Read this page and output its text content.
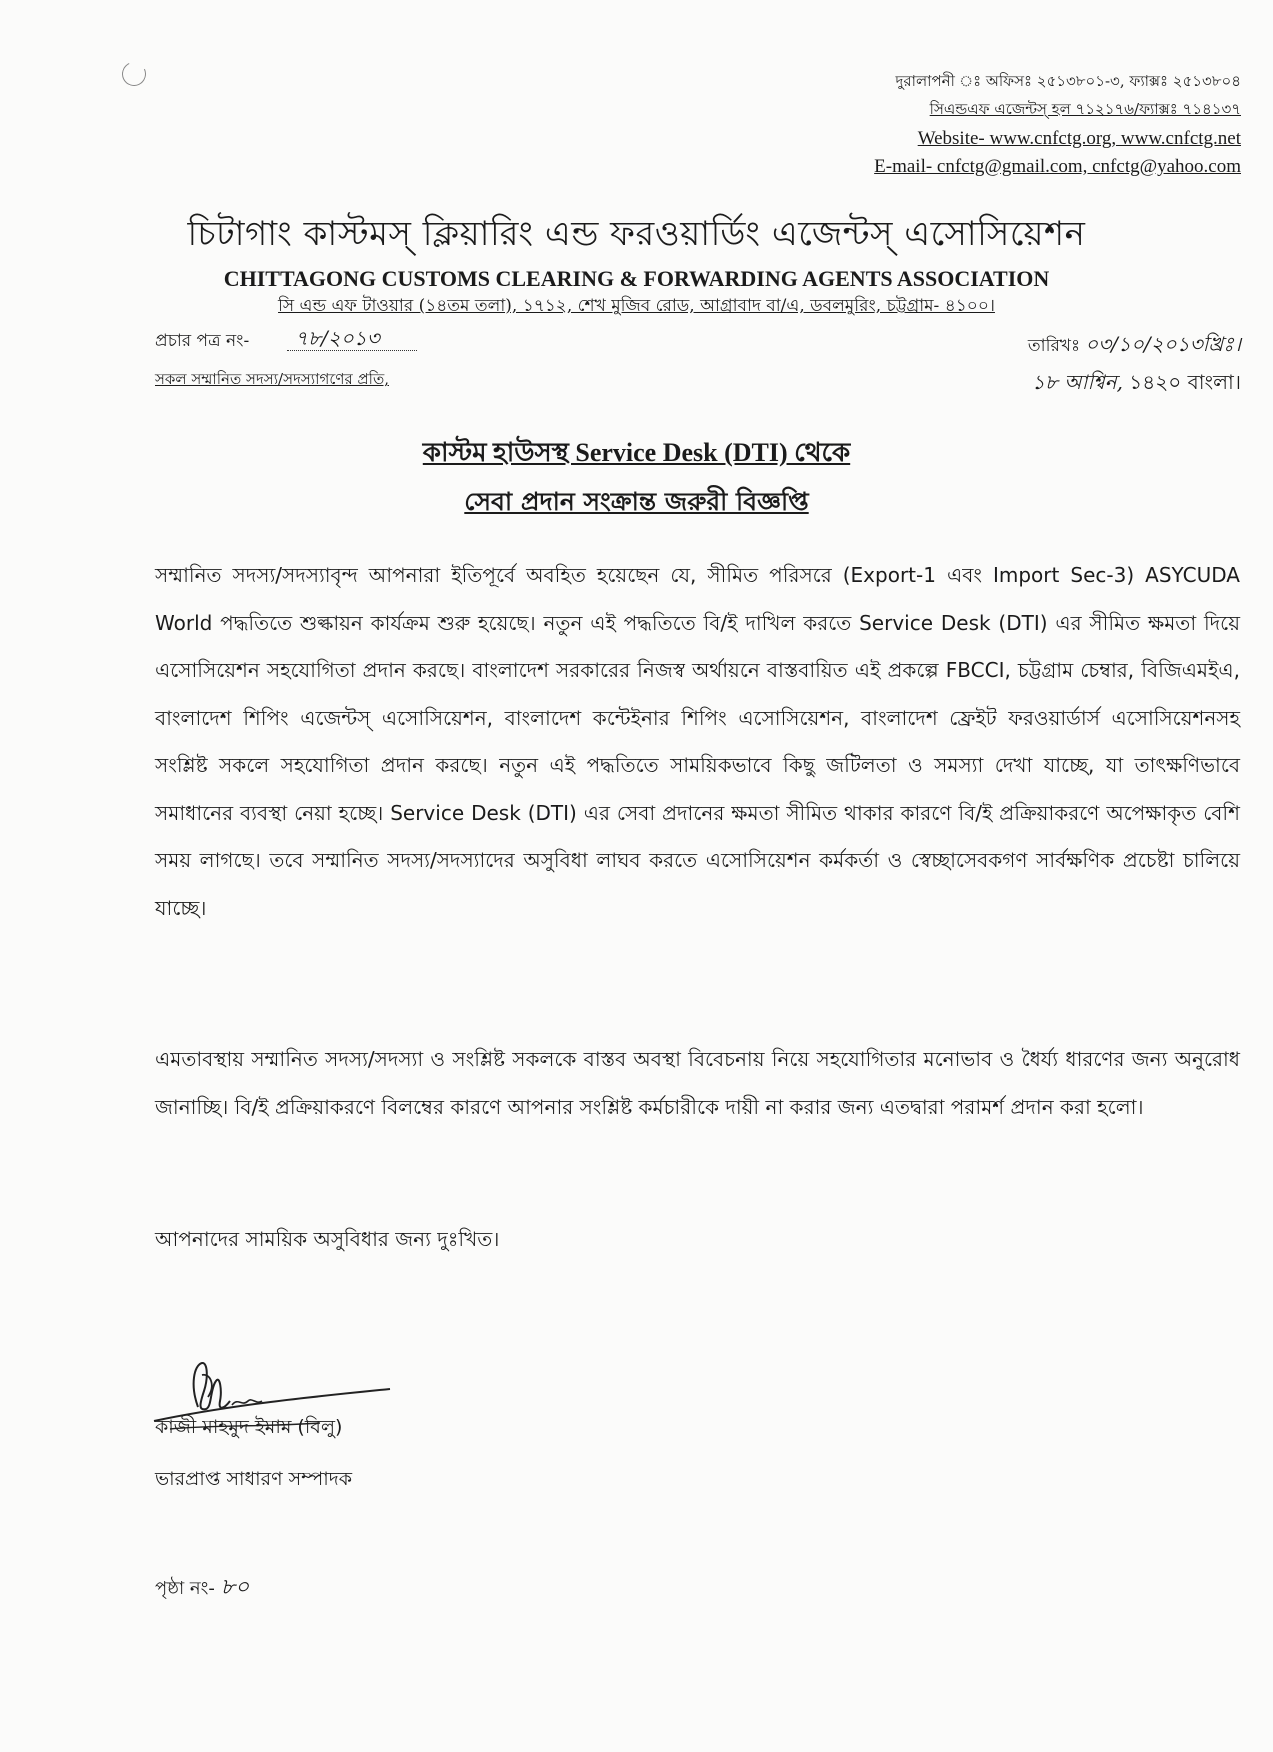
দুরালাপনী ঃ অফিসঃ ২৫১৩৮০১-৩, ফ্যাক্সঃ ২৫১৩৮০৪
সিএন্ডএফ এজেন্টস্ হল ৭১২১৭৬/ফ্যাক্সঃ ৭১৪১৩৭
Website- www.cnfctg.org, www.cnfctg.net
E-mail- cnfctg@gmail.com, cnfctg@yahoo.com
চিটাগাং কাস্টমস্ ক্লিয়ারিং এন্ড ফরওয়ার্ডিং এজেন্টস্ এসোসিয়েশন
CHITTAGONG CUSTOMS CLEARING & FORWARDING AGENTS ASSOCIATION
সি এন্ড এফ টাওয়ার (১৪তম তলা), ১৭১২, শেখ মুজিব রোড, আগ্রাবাদ বা/এ, ডবলমুরিং, চট্টগ্রাম- ৪১০০।
প্রচার পত্র নং- ৭৮/২০১৩
সকল সম্মানিত সদস্য/সদস্যাগণের প্রতি,
তারিখঃ ০৩/১০/২০১৩খ্রিঃ।
১৮ আশ্বিন, ১৪২০ বাংলা।
কাস্টম হাউসস্থ Service Desk (DTI) থেকে
সেবা প্রদান সংক্রান্ত জরুরী বিজ্ঞপ্তি

সম্মানিত সদস্য/সদস্যাবৃন্দ আপনারা ইতিপূর্বে অবহিত হয়েছেন যে, সীমিত পরিসরে (Export-1 এবং Import Sec-3) ASYCUDA World পদ্ধতিতে শুল্কায়ন কার্যক্রম শুরু হয়েছে। নতুন এই পদ্ধতিতে বি/ই দাখিল করতে Service Desk (DTI) এর সীমিত ক্ষমতা দিয়ে এসোসিয়েশন সহযোগিতা প্রদান করছে। বাংলাদেশ সরকারের নিজস্ব অর্থায়নে বাস্তবায়িত এই প্রকল্পে FBCCI, চট্টগ্রাম চেম্বার, বিজিএমইএ, বাংলাদেশ শিপিং এজেন্টস্ এসোসিয়েশন, বাংলাদেশ কন্টেইনার শিপিং এসোসিয়েশন, বাংলাদেশ ফ্রেইট ফরওয়ার্ডার্স এসোসিয়েশনসহ সংশ্লিষ্ট সকলে সহযোগিতা প্রদান করছে। নতুন এই পদ্ধতিতে সাময়িকভাবে কিছু জটিলতা ও সমস্যা দেখা যাচ্ছে, যা তাৎক্ষণিভাবে সমাধানের ব্যবস্থা নেয়া হচ্ছে। Service Desk (DTI) এর সেবা প্রদানের ক্ষমতা সীমিত থাকার কারণে বি/ই প্রক্রিয়াকরণে অপেক্ষাকৃত বেশি সময় লাগছে। তবে সম্মানিত সদস্য/সদস্যাদের অসুবিধা লাঘব করতে এসোসিয়েশন কর্মকর্তা ও স্বেচ্ছাসেবকগণ সার্বক্ষণিক প্রচেষ্টা চালিয়ে যাচ্ছে।

এমতাবস্থায় সম্মানিত সদস্য/সদস্যা ও সংশ্লিষ্ট সকলকে বাস্তব অবস্থা বিবেচনায় নিয়ে সহযোগিতার মনোভাব ও ধৈর্য্য ধারণের জন্য অনুরোধ জানাচ্ছি। বি/ই প্রক্রিয়াকরণে বিলম্বের কারণে আপনার সংশ্লিষ্ট কর্মচারীকে দায়ী না করার জন্য এতদ্বারা পরামর্শ প্রদান করা হলো।

আপনাদের সাময়িক অসুবিধার জন্য দুঃখিত।

কাজী মাহমুদ ইমাম (বিলু)
ভারপ্রাপ্ত সাধারণ সম্পাদক
পৃষ্ঠা নং- ৮০
